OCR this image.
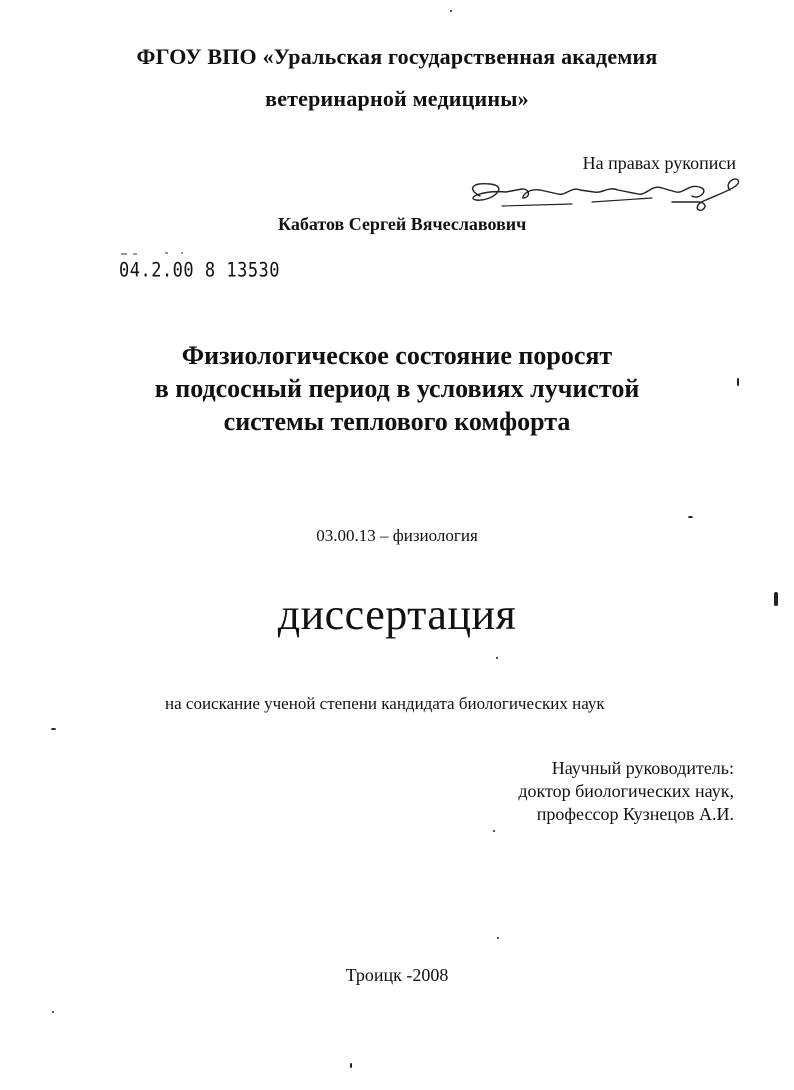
ФГОУ ВПО «Уральская государственная академия
ветеринарной медицины»
На правах рукописи
Кабатов Сергей Вячеславович
04.2.00 8 13530
Физиологическое состояние поросят
в подсосный период в условиях лучистой
системы теплового комфорта
03.00.13 – физиология
диссертация
на соискание ученой степени кандидата биологических наук
Научный руководитель:
доктор биологических наук,
профессор Кузнецов А.И.
Троицк -2008
